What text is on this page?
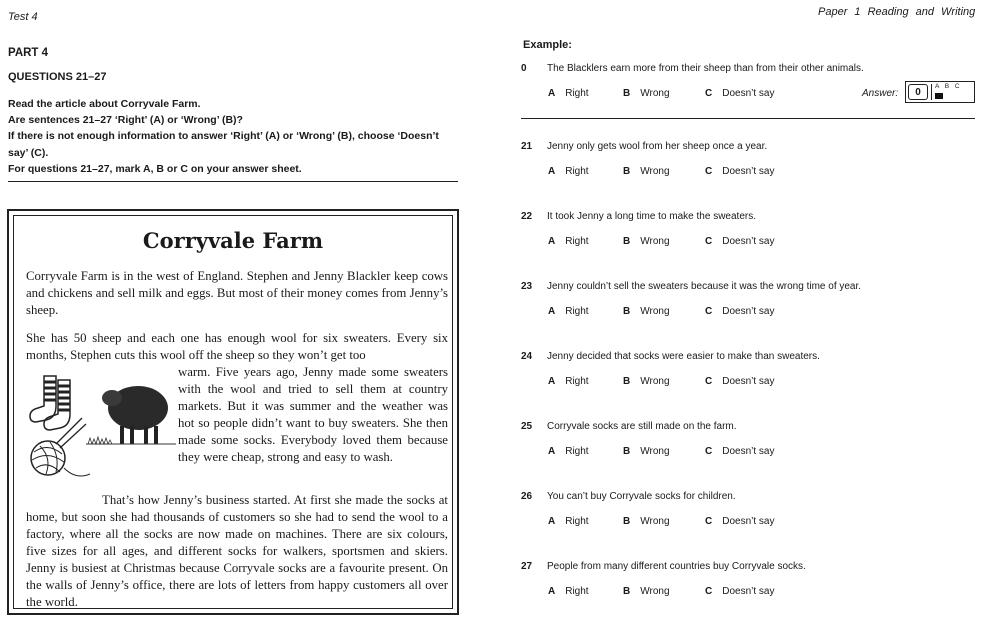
Test 4	Paper 1 Reading and Writing
PART 4
QUESTIONS 21–27

Read the article about Corryvale Farm.

Are sentences 21–27 ‘Right’ (A) or ‘Wrong’ (B)?

If there is not enough information to answer ‘Right’ (A) or ‘Wrong’ (B), choose ‘Doesn’t say’ (C).

For questions 21–27, mark A, B or C on your answer sheet.

Corryvale Farm

Corryvale Farm is in the west of England. Stephen and Jenny Blackler keep cows and chickens and sell milk and eggs. But most of their money comes from Jenny’s sheep.

She has 50 sheep and each one has enough wool for six sweaters. Every six months, Stephen cuts this wool off the sheep so they won’t get too

warm. Five years ago, Jenny made some sweaters with the wool and tried to sell them at country markets. But it was summer and the weather was hot so people didn’t want to buy sweaters. She then made some socks. Everybody loved them because they were cheap, strong and easy to wash.

That’s how Jenny’s business started. At first she made the socks at home, but soon she had thousands of customers so she had to send the wool to a factory, where all the socks are now made on machines. There are six colours, five sizes for all ages, and different socks for walkers, sportsmen and skiers. Jenny is busiest at Christmas because Corryvale socks are a favourite present. On the walls of Jenny’s office, there are lots of letters from happy customers all over the world.

Example:
0 The Blacklers earn more from their sheep than from their other animals.
A Right	B Wrong	C Doesn’t say	Answer:	0
A B C
21 Jenny only gets wool from her sheep once a year.
A Right	B Wrong	C Doesn’t say
22 It took Jenny a long time to make the sweaters.
A Right	B Wrong	C Doesn’t say
23 Jenny couldn’t sell the sweaters because it was the wrong time of year.
A Right	B Wrong	C Doesn’t say
24 Jenny decided that socks were easier to make than sweaters.
A Right	B Wrong	C Doesn’t say
25 Corryvale socks are still made on the farm.
A Right	B Wrong	C Doesn’t say
26 You can’t buy Corryvale socks for children.
A Right	B Wrong	C Doesn’t say
27 People from many different countries buy Corryvale socks.
A Right	B Wrong	C Doesn’t say
